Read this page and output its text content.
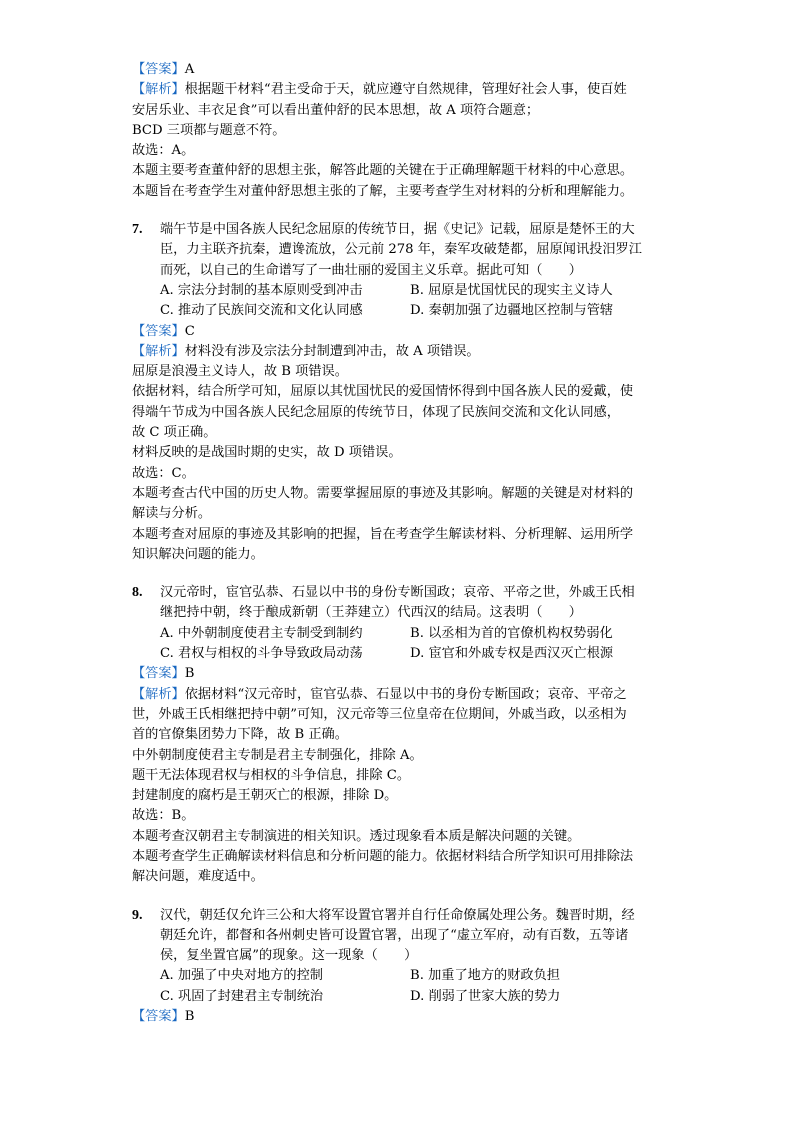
【答案】A
【解析】根据题干材料“君主受命于天，就应遵守自然规律，管理好社会人事，使百姓
安居乐业、丰衣足食”可以看出董仲舒的民本思想，故 A 项符合题意；
BCD 三项都与题意不符。
故选：A。
本题主要考查董仲舒的思想主张，解答此题的关键在于正确理解题干材料的中心意思。
本题旨在考查学生对董仲舒思想主张的了解，主要考查学生对材料的分析和理解能力。
7. 端午节是中国各族人民纪念屈原的传统节日，据《史记》记载，屈原是楚怀王的大
臣，力主联齐抗秦，遭谗流放，公元前 278 年，秦军攻破楚都，屈原闻讯投汨罗江
而死，以自己的生命谱写了一曲壮丽的爱国主义乐章。据此可知（　　）
A. 宗法分封制的基本原则受到冲击	B. 屈原是忧国忧民的现实主义诗人
C. 推动了民族间交流和文化认同感	D. 秦朝加强了边疆地区控制与管辖
【答案】C
【解析】材料没有涉及宗法分封制遭到冲击，故 A 项错误。
屈原是浪漫主义诗人，故 B 项错误。
依据材料，结合所学可知，屈原以其忧国忧民的爱国情怀得到中国各族人民的爱戴，使
得端午节成为中国各族人民纪念屈原的传统节日，体现了民族间交流和文化认同感，
故 C 项正确。
材料反映的是战国时期的史实，故 D 项错误。
故选：C。
本题考查古代中国的历史人物。需要掌握屈原的事迹及其影响。解题的关键是对材料的
解读与分析。
本题考查对屈原的事迹及其影响的把握，旨在考查学生解读材料、分析理解、运用所学
知识解决问题的能力。
8. 汉元帝时，宦官弘恭、石显以中书的身份专断国政；哀帝、平帝之世，外戚王氏相
继把持中朝，终于酿成新朝（王莽建立）代西汉的结局。这表明（　　）
A. 中外朝制度使君主专制受到制约	B. 以丞相为首的官僚机构权势弱化
C. 君权与相权的斗争导致政局动荡	D. 宦官和外戚专权是西汉灭亡根源
【答案】B
【解析】依据材料“汉元帝时，宦官弘恭、石显以中书的身份专断国政；哀帝、平帝之
世，外戚王氏相继把持中朝”可知，汉元帝等三位皇帝在位期间，外戚当政，以丞相为
首的官僚集团势力下降，故 B 正确。
中外朝制度使君主专制是君主专制强化，排除 A。
题干无法体现君权与相权的斗争信息，排除 C。
封建制度的腐朽是王朝灭亡的根源，排除 D。
故选：B。
本题考查汉朝君主专制演进的相关知识。透过现象看本质是解决问题的关键。
本题考查学生正确解读材料信息和分析问题的能力。依据材料结合所学知识可用排除法
解决问题，难度适中。
9. 汉代，朝廷仅允许三公和大将军设置官署并自行任命僚属处理公务。魏晋时期，经
朝廷允许，都督和各州刺史皆可设置官署，出现了“虚立军府，动有百数，五等诸
侯，复坐置官属”的现象。这一现象（　　）
A. 加强了中央对地方的控制	B. 加重了地方的财政负担
C. 巩固了封建君主专制统治	D. 削弱了世家大族的势力
【答案】B
